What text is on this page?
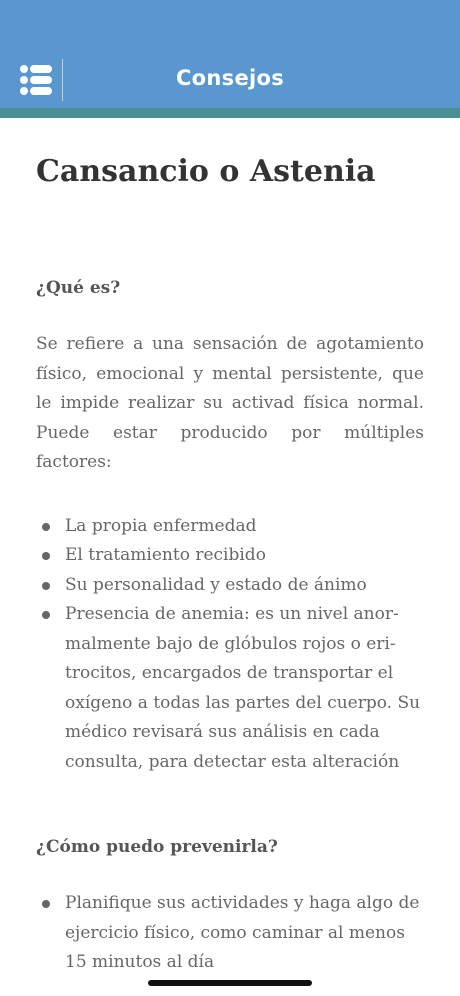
Consejos
Cansancio o Astenia
¿Qué es?

Se refiere a una sensación de agotamiento físico, emocional y mental persistente, que le impide realizar su activad física normal. Puede estar producido por múltiples factores:

La propia enfermedad
El tratamiento recibido
Su personalidad y estado de ánimo
Presencia de anemia: es un nivel anormalmente bajo de glóbulos rojos o eritrocitos, encargados de transportar el oxígeno a todas las partes del cuerpo. Su médico revisará sus análisis en cada consulta, para detectar esta alteración
¿Cómo puedo prevenirla?
Planifique sus actividades y haga algo de ejercicio físico, como caminar al menos 15 minutos al día
